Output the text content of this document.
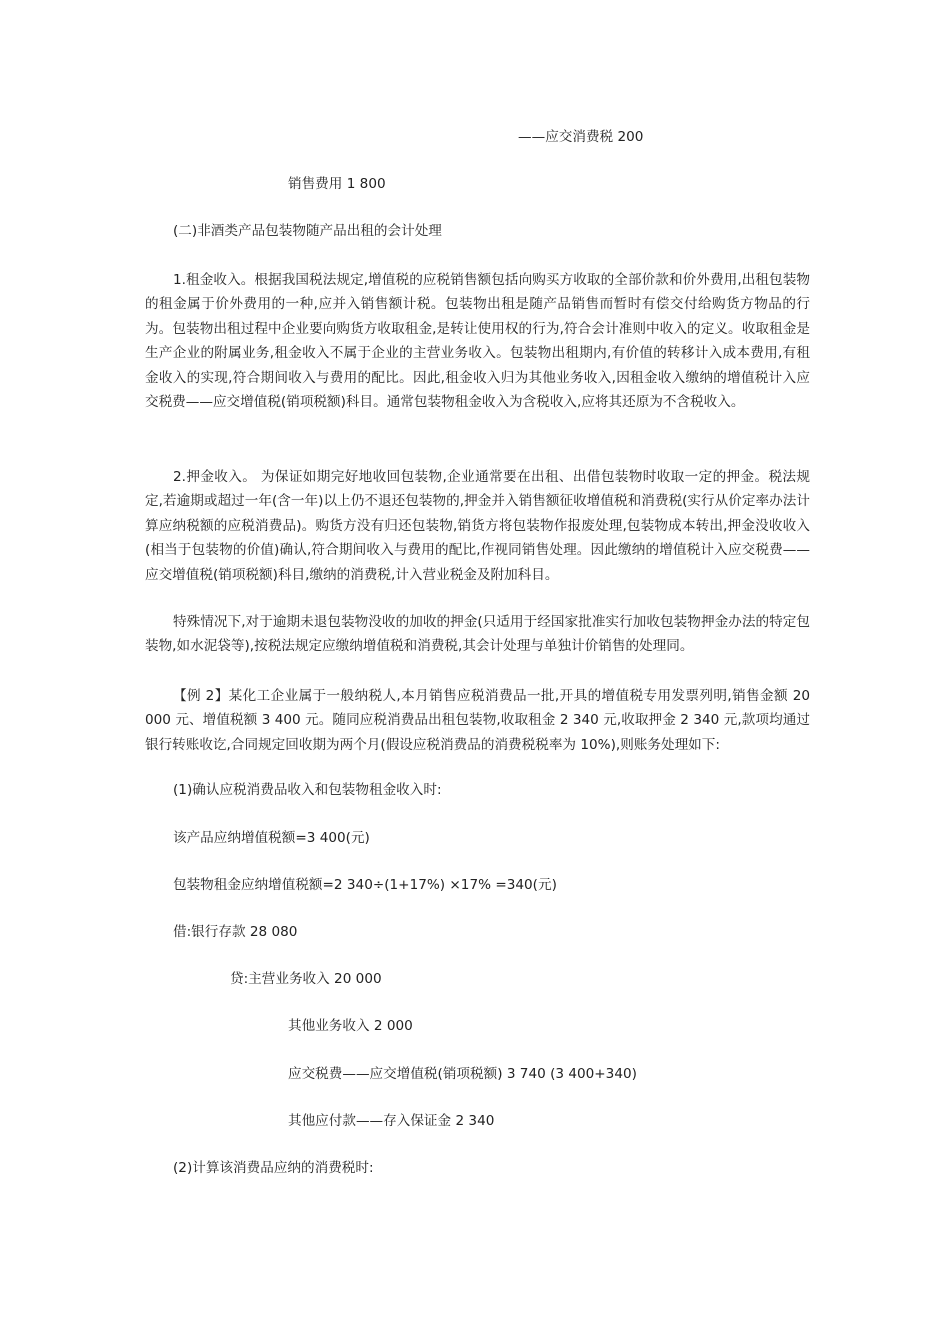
——应交消费税 200
销售费用 1 800
(二)非酒类产品包装物随产品出租的会计处理
1.租金收入。根据我国税法规定,增值税的应税销售额包括向购买方收取的全部价款和价外费用,出租包装物的租金属于价外费用的一种,应并入销售额计税。包装物出租是随产品销售而暂时有偿交付给购货方物品的行为。包装物出租过程中企业要向购货方收取租金,是转让使用权的行为,符合会计准则中收入的定义。收取租金是生产企业的附属业务,租金收入不属于企业的主营业务收入。包装物出租期内,有价值的转移计入成本费用,有租金收入的实现,符合期间收入与费用的配比。因此,租金收入归为其他业务收入,因租金收入缴纳的增值税计入应交税费——应交增值税(销项税额)科目。通常包装物租金收入为含税收入,应将其还原为不含税收入。
2.押金收入。 为保证如期完好地收回包装物,企业通常要在出租、出借包装物时收取一定的押金。税法规定,若逾期或超过一年(含一年)以上仍不退还包装物的,押金并入销售额征收增值税和消费税(实行从价定率办法计算应纳税额的应税消费品)。购货方没有归还包装物,销货方将包装物作报废处理,包装物成本转出,押金没收收入(相当于包装物的价值)确认,符合期间收入与费用的配比,作视同销售处理。因此缴纳的增值税计入应交税费——应交增值税(销项税额)科目,缴纳的消费税,计入营业税金及附加科目。
特殊情况下,对于逾期未退包装物没收的加收的押金(只适用于经国家批准实行加收包装物押金办法的特定包装物,如水泥袋等),按税法规定应缴纳增值税和消费税,其会计处理与单独计价销售的处理同。
【例 2】某化工企业属于一般纳税人,本月销售应税消费品一批,开具的增值税专用发票列明,销售金额 20 000 元、增值税额 3 400 元。随同应税消费品出租包装物,收取租金 2 340 元,收取押金 2 340 元,款项均通过银行转账收讫,合同规定回收期为两个月(假设应税消费品的消费税税率为 10%),则账务处理如下:
(1)确认应税消费品收入和包装物租金收入时:
该产品应纳增值税额=3 400(元)
包装物租金应纳增值税额=2 340÷(1+17%) ×17% =340(元)
借:银行存款 28 080
贷:主营业务收入 20 000
其他业务收入 2 000
应交税费——应交增值税(销项税额) 3 740 (3 400+340)
其他应付款——存入保证金 2 340
(2)计算该消费品应纳的消费税时:
